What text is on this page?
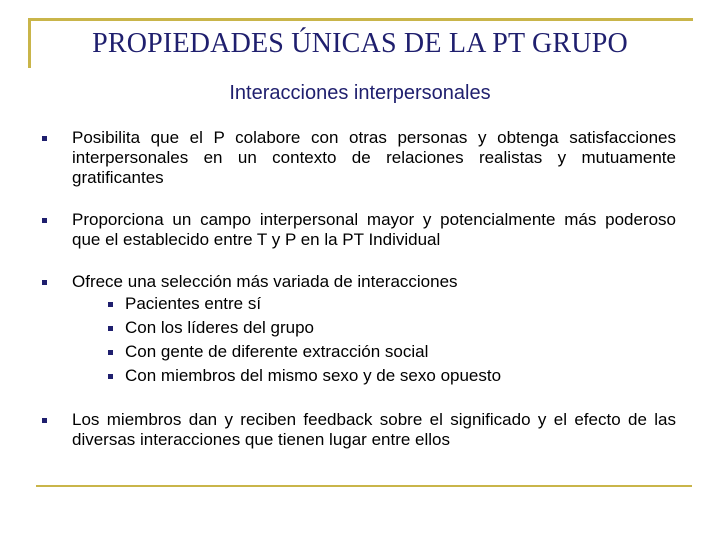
PROPIEDADES ÚNICAS DE LA PT GRUPO
Interacciones interpersonales
Posibilita que el P colabore con otras personas y obtenga satisfacciones interpersonales en un contexto de relaciones realistas y mutuamente gratificantes
Proporciona un campo interpersonal mayor y potencialmente más poderoso que el establecido entre T y P en la PT Individual
Ofrece una selección más variada de interacciones
Pacientes entre sí
Con los líderes del grupo
Con gente de diferente extracción social
Con miembros del mismo sexo y de sexo opuesto
Los miembros dan y reciben feedback sobre el significado y el efecto de las diversas interacciones que tienen lugar entre ellos
